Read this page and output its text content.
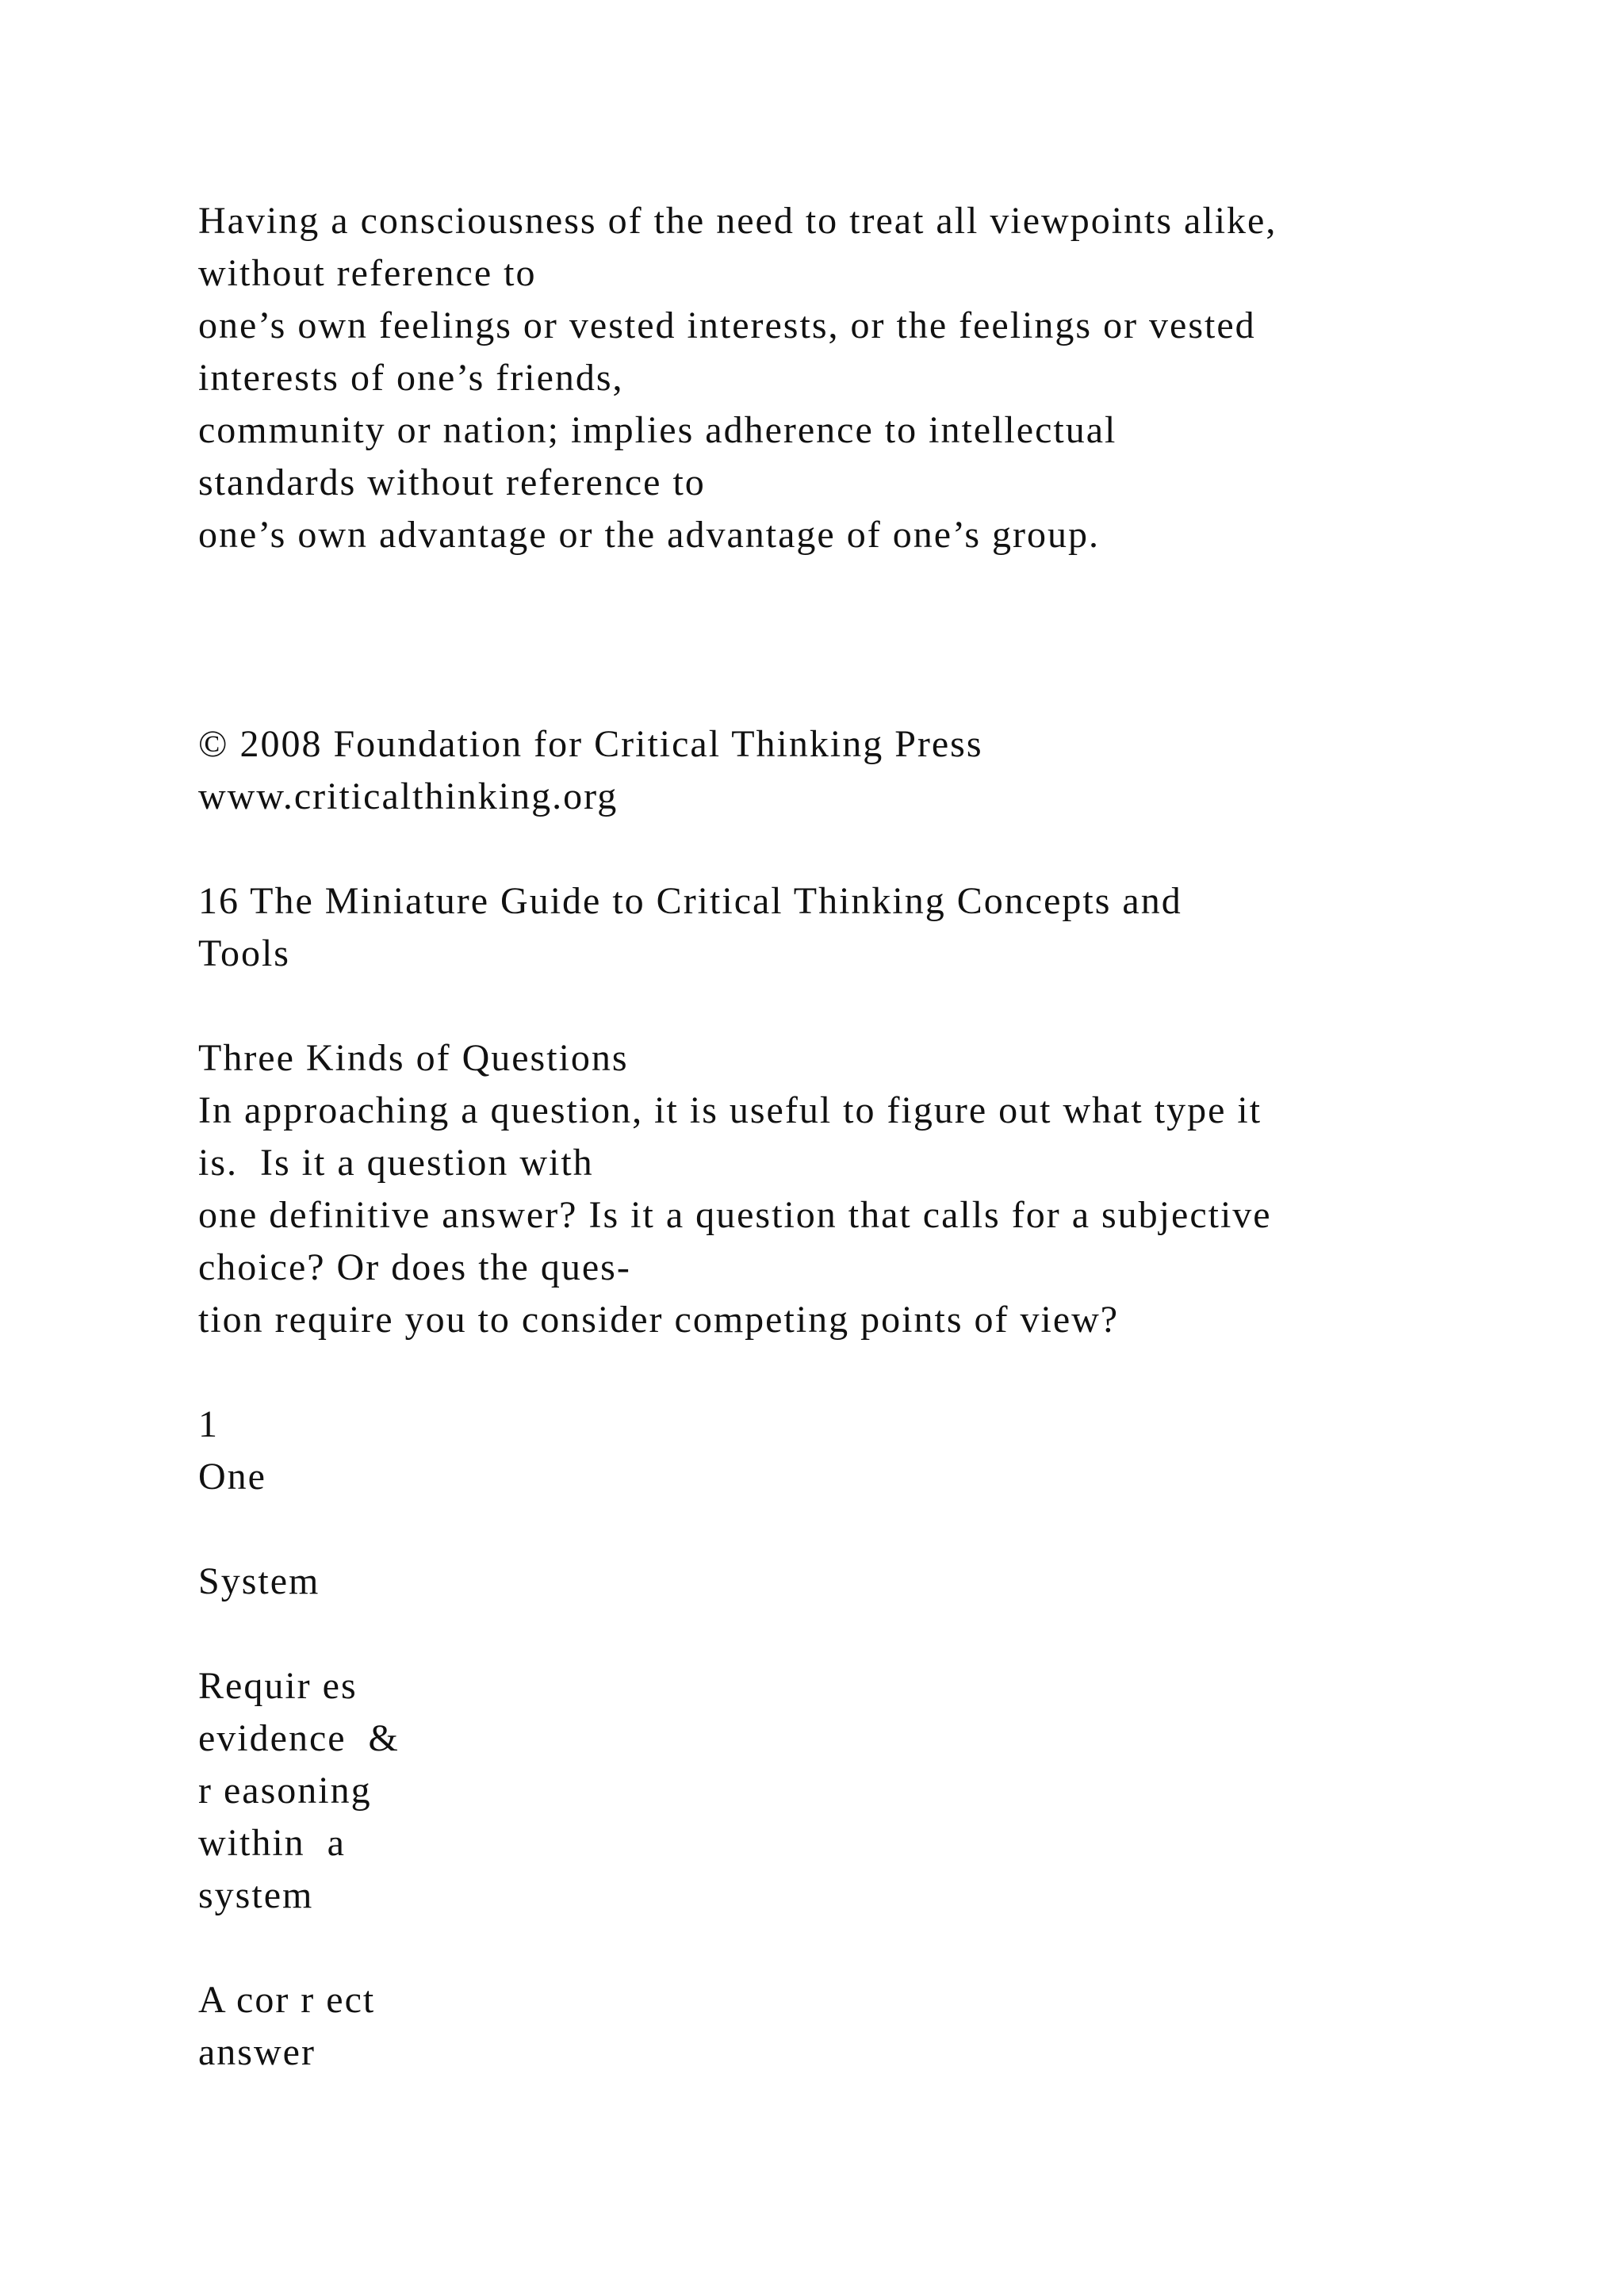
Having a consciousness of the need to treat all viewpoints alike,
without reference to
one’s own feelings or vested interests, or the feelings or vested
interests of one’s friends,
community or nation; implies adherence to intellectual
standards without reference to
one’s own advantage or the advantage of one’s group.
© 2008 Foundation for Critical Thinking Press
www.criticalthinking.org
16 The Miniature Guide to Critical Thinking Concepts and
Tools
Three Kinds of Questions
In approaching a question, it is useful to figure out what type it
is.  Is it a question with
one definitive answer? Is it a question that calls for a subjective
choice? Or does the ques-
tion require you to consider competing points of view?
1
One
System
Requir es
evidence  &
r easoning
within  a
system
A cor r ect
answer
